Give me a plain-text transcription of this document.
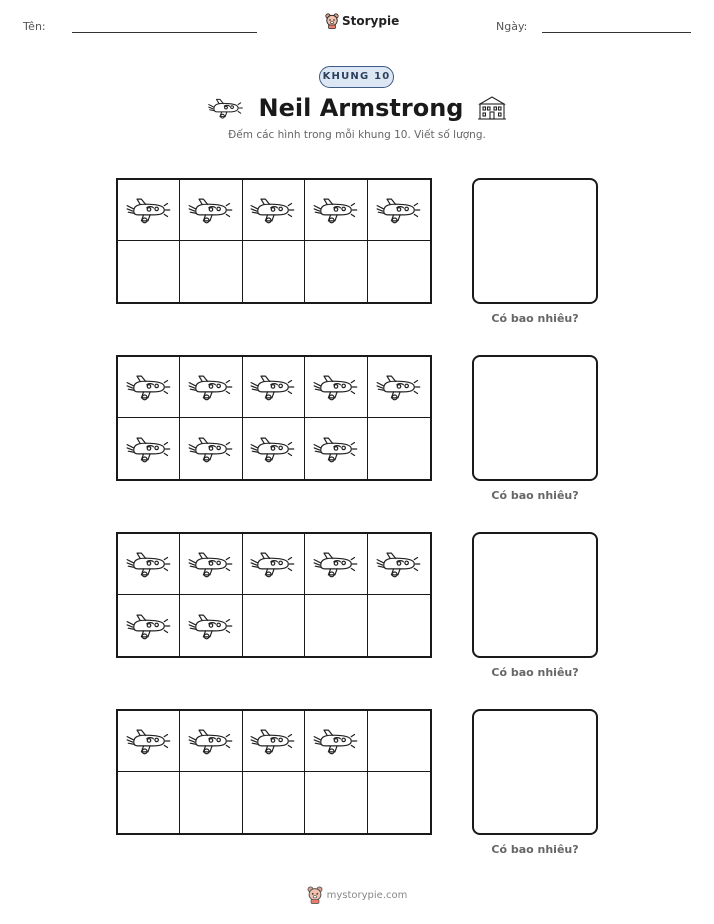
Tên:	Storypie	Ngày:
KHUNG 10
Neil Armstrong
Đếm các hình trong mỗi khung 10. Viết số lượng.
Có bao nhiêu?
Có bao nhiêu?
Có bao nhiêu?
Có bao nhiêu?
mystorypie.com
